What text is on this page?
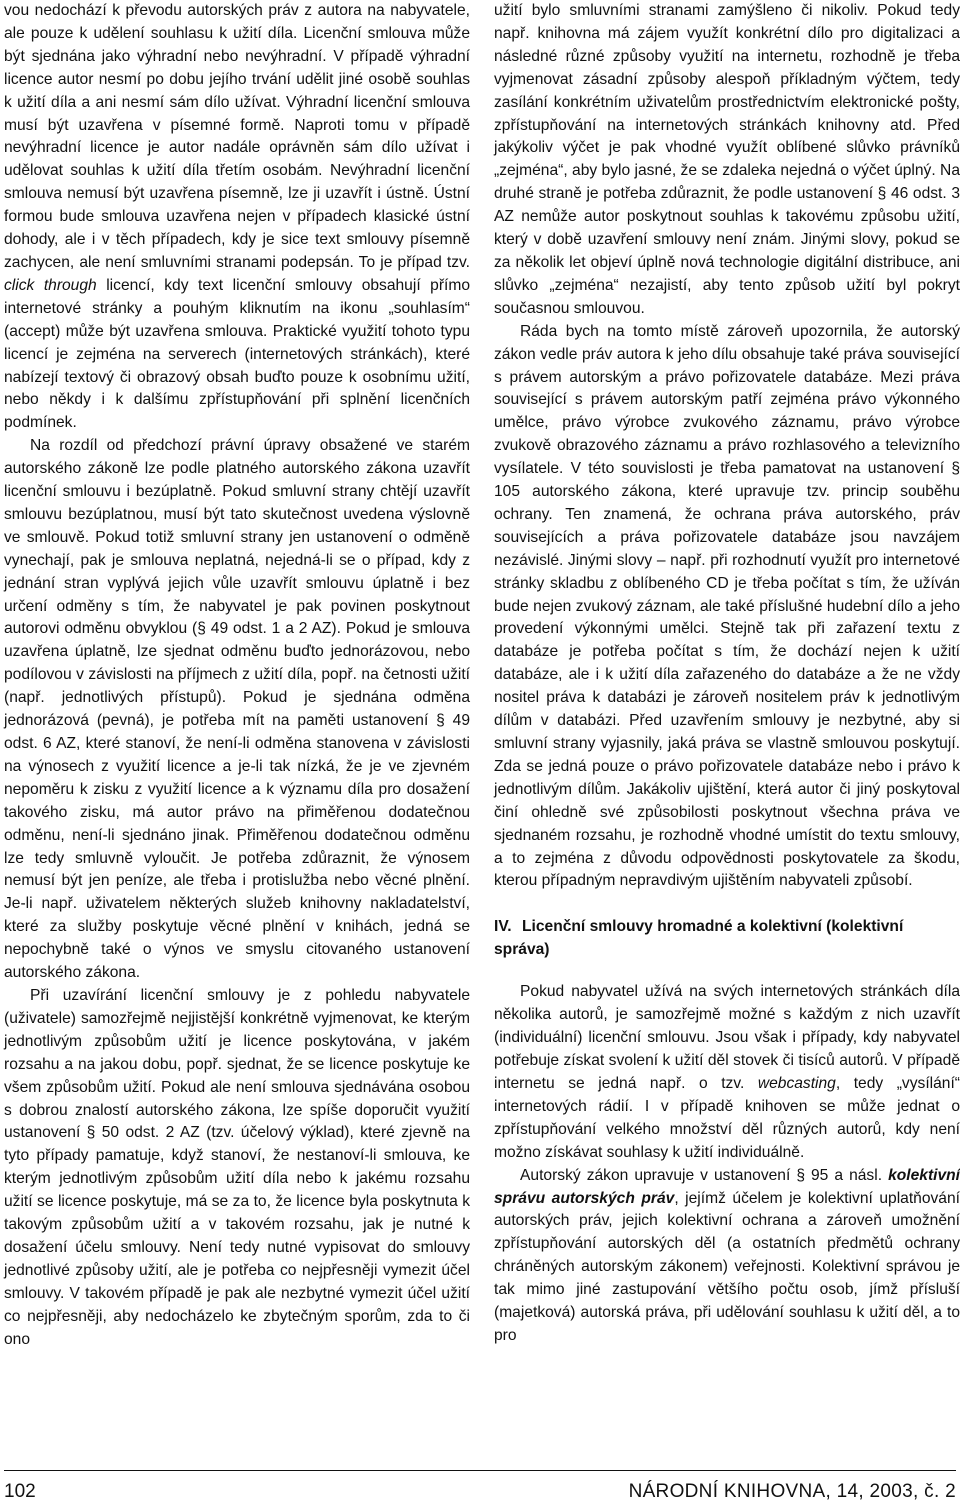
vou nedochází k převodu autorských práv z autora na nabyvatele, ale pouze k udělení souhlasu k užití díla. Licenční smlouva může být sjednána jako výhradní nebo nevýhradní. V případě výhradní licence autor nesmí po dobu jejího trvání udělit jiné osobě souhlas k užití díla a ani nesmí sám dílo užívat. Výhradní licenční smlouva musí být uzavřena v písemné formě. Naproti tomu v případě nevýhradní licence je autor nadále oprávněn sám dílo užívat i udělovat souhlas k užití díla třetím osobám. Nevýhradní licenční smlouva nemusí být uzavřena písemně, lze ji uzavřít i ústně. Ústní formou bude smlouva uzavřena nejen v případech klasické ústní dohody, ale i v těch případech, kdy je sice text smlouvy písemně zachycen, ale není smluvními stranami podepsán. To je případ tzv. click through licencí, kdy text licenční smlouvy obsahují přímo internetové stránky a pouhým kliknutím na ikonu „souhlasím“ (accept) může být uzavřena smlouva. Praktické využití tohoto typu licencí je zejména na serverech (internetových stránkách), které nabízejí textový či obrazový obsah buďto pouze k osobnímu užití, nebo někdy i k dalšímu zpřístupňování při splnění licenčních podmínek.

Na rozdíl od předchozí právní úpravy obsažené ve starém autorského zákoně lze podle platného autorského zákona uzavřít licenční smlouvu i bezúplatně. Pokud smluvní strany chtějí uzavřít smlouvu bezúplatnou, musí být tato skutečnost uvedena výslovně ve smlouvě. Pokud totiž smluvní strany jen ustanovení o odměně vynechají, pak je smlouva neplatná, nejedná-li se o případ, kdy z jednání stran vyplývá jejich vůle uzavřít smlouvu úplatně i bez určení odměny s tím, že nabyvatel je pak povinen poskytnout autorovi odměnu obvyklou (§ 49 odst. 1 a 2 AZ). Pokud je smlouva uzavřena úplatně, lze sjednat odměnu buďto jednorázovou, nebo podílovou v závislosti na příjmech z užití díla, popř. na četnosti užití (např. jednotlivých přístupů). Pokud je sjednána odměna jednorázová (pevná), je potřeba mít na paměti ustanovení § 49 odst. 6 AZ, které stanoví, že není-li odměna stanovena v závislosti na výnosech z využití licence a je-li tak nízká, že je ve zjevném nepoměru k zisku z využití licence a k významu díla pro dosažení takového zisku, má autor právo na přiměřenou dodatečnou odměnu, není-li sjednáno jinak. Přiměřenou dodatečnou odměnu lze tedy smluvně vyloučit. Je potřeba zdůraznit, že výnosem nemusí být jen peníze, ale třeba i protislužba nebo věcné plnění. Je-li např. uživatelem některých služeb knihovny nakladatelství, které za služby poskytuje věcné plnění v knihách, jedná se nepochybně také o výnos ve smyslu citovaného ustanovení autorského zákona.

Při uzavírání licenční smlouvy je z pohledu nabyvatele (uživatele) samozřejmě nejjistější konkrétně vyjmenovat, ke kterým jednotlivým způsobům užití je licence poskytována, v jakém rozsahu a na jakou dobu, popř. sjednat, že se licence poskytuje ke všem způsobům užití. Pokud ale není smlouva sjednávána osobou s dobrou znalostí autorského zákona, lze spíše doporučit využití ustanovení § 50 odst. 2 AZ (tzv. účelový výklad), které zjevně na tyto případy pamatuje, když stanoví, že nestanoví-li smlouva, ke kterým jednotlivým způsobům užití díla nebo k jakému rozsahu užití se licence poskytuje, má se za to, že licence byla poskytnuta k takovým způsobům užití a v takovém rozsahu, jak je nutné k dosažení účelu smlouvy. Není tedy nutné vypisovat do smlouvy jednotlivé způsoby užití, ale je potřeba co nejpřesněji vymezit účel smlouvy. V takovém případě je pak ale nezbytné vymezit účel užití co nejpřesněji, aby nedocházelo ke zbytečným sporům, zda to či ono

užití bylo smluvními stranami zamýšleno či nikoliv. Pokud tedy např. knihovna má zájem využít konkrétní dílo pro digitalizaci a následné různé způsoby využití na internetu, rozhodně je třeba vyjmenovat zásadní způsoby alespoň příkladným výčtem, tedy zasílání konkrétním uživatelům prostřednictvím elektronické pošty, zpřístupňování na internetových stránkách knihovny atd. Před jakýkoliv výčet je pak vhodné využít oblíbené slůvko právníků „zejména“, aby bylo jasné, že se zdaleka nejedná o výčet úplný. Na druhé straně je potřeba zdůraznit, že podle ustanovení § 46 odst. 3 AZ nemůže autor poskytnout souhlas k takovému způsobu užití, který v době uzavření smlouvy není znám. Jinými slovy, pokud se za několik let objeví úplně nová technologie digitální distribuce, ani slůvko „zejména“ nezajistí, aby tento způsob užití byl pokryt současnou smlouvou.

Ráda bych na tomto místě zároveň upozornila, že autorský zákon vedle práv autora k jeho dílu obsahuje také práva související s právem autorským a právo pořizovatele databáze. Mezi práva související s právem autorským patří zejména právo výkonného umělce, právo výrobce zvukového záznamu, právo výrobce zvukově obrazového záznamu a právo rozhlasového a televizního vysílatele. V této souvislosti je třeba pamatovat na ustanovení § 105 autorského zákona, které upravuje tzv. princip souběhu ochrany. Ten znamená, že ochrana práva autorského, práv souvisejících a práva pořizovatele databáze jsou navzájem nezávislé. Jinými slovy – např. při rozhodnutí využít pro internetové stránky skladbu z oblíbeného CD je třeba počítat s tím, že užíván bude nejen zvukový záznam, ale také příslušné hudební dílo a jeho provedení výkonnými umělci. Stejně tak při zařazení textu z databáze je potřeba počítat s tím, že dochází nejen k užití databáze, ale i k užití díla zařazeného do databáze a že ne vždy nositel práva k databázi je zároveň nositelem práv k jednotlivým dílům v databázi. Před uzavřením smlouvy je nezbytné, aby si smluvní strany vyjasnily, jaká práva se vlastně smlouvou poskytují. Zda se jedná pouze o právo pořizovatele databáze nebo i právo k jednotlivým dílům. Jakákoliv ujištění, která autor či jiný poskytoval činí ohledně své způsobilosti poskytnout všechna práva ve sjednaném rozsahu, je rozhodně vhodné umístit do textu smlouvy, a to zejména z důvodu odpovědnosti poskytovatele za škodu, kterou případným nepravdivým ujištěním nabyvateli způsobí.

IV. Licenční smlouvy hromadné a kolektivní (kolektivní správa)

Pokud nabyvatel užívá na svých internetových stránkách díla několika autorů, je samozřejmě možné s každým z nich uzavřít (individuální) licenční smlouvu. Jsou však i případy, kdy nabyvatel potřebuje získat svolení k užití děl stovek či tisíců autorů. V případě internetu se jedná např. o tzv. webcasting, tedy „vysílání“ internetových rádií. I v případě knihoven se může jednat o zpřístupňování velkého množství děl různých autorů, kdy není možno získávat souhlasy k užití individuálně.

Autorský zákon upravuje v ustanovení § 95 a násl. kolektivní správu autorských práv, jejímž účelem je kolektivní uplatňování autorských práv, jejich kolektivní ochrana a zároveň umožnění zpřístupňování autorských děl (a ostatních předmětů ochrany chráněných autorským zákonem) veřejnosti. Kolektivní správou je tak mimo jiné zastupování většího počtu osob, jímž přísluší (majetková) autorská práva, při udělování souhlasu k užití děl, a to pro

102	NÁRODNÍ KNIHOVNA, 14, 2003, č. 2
